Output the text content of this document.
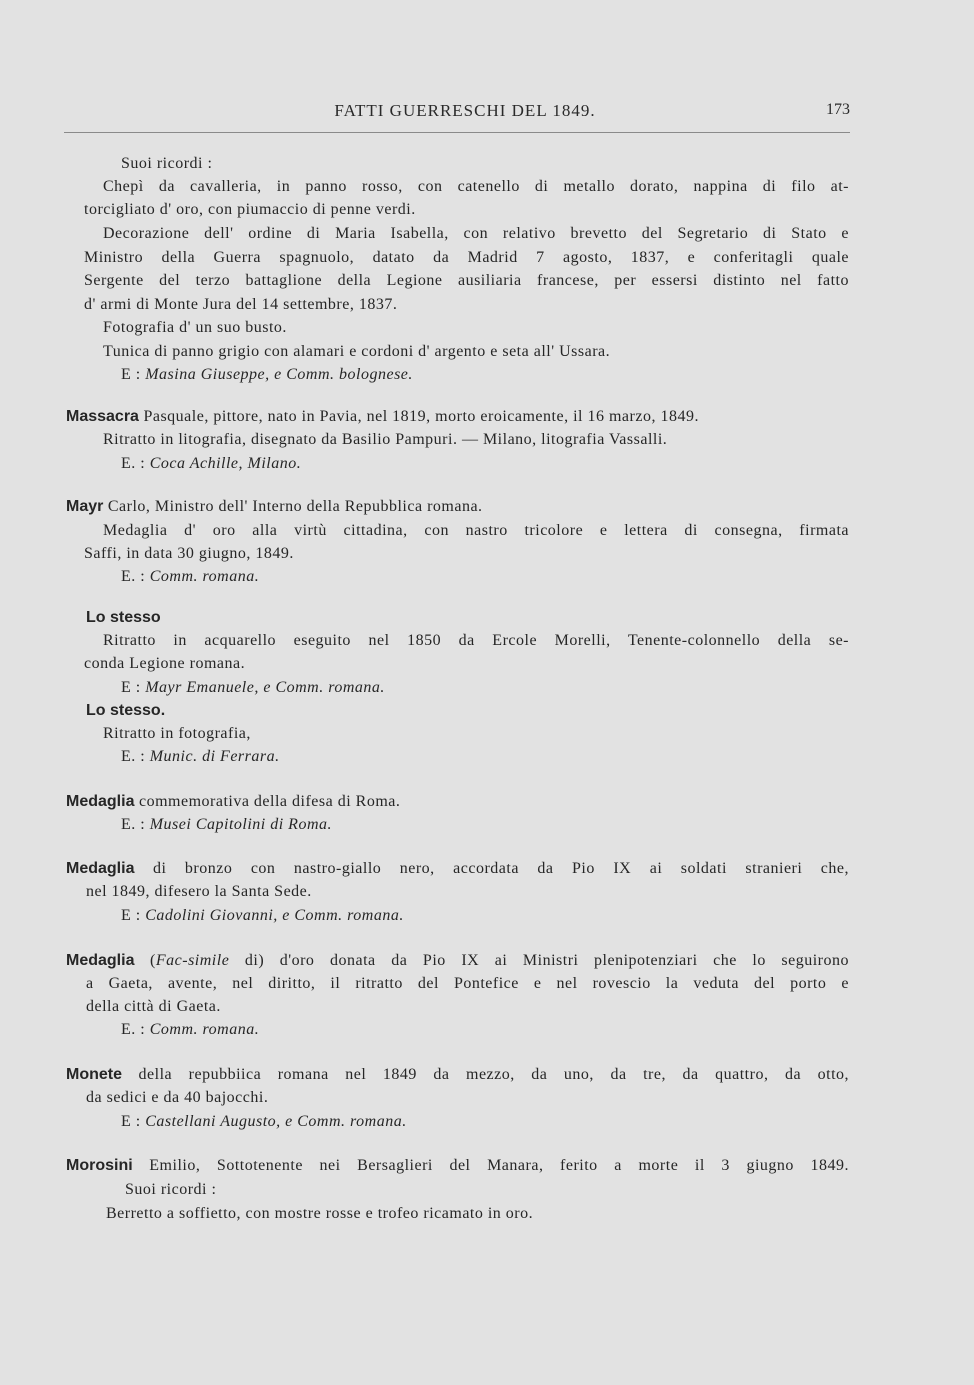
FATTI GUERRESCHI DEL 1849.	173
Suoi ricordi :
Chepì da cavalleria, in panno rosso, con catenello di metallo dorato, nappina di filo at-
torcigliato d' oro, con piumaccio di penne verdi.
Decorazione dell' ordine di Maria Isabella, con relativo brevetto del Segretario di Stato e
Ministro della Guerra spagnuolo, datato da Madrid 7 agosto, 1837, e conferitagli quale
Sergente del terzo battaglione della Legione ausiliaria francese, per essersi distinto nel fatto
d' armi di Monte Jura del 14 settembre, 1837.
Fotografia d' un suo busto.
Tunica di panno grigio con alamari e cordoni d' argento e seta all' Ussara.
E : Masina Giuseppe, e Comm. bolognese.
Massacra Pasquale, pittore, nato in Pavia, nel 1819, morto eroicamente, il 16 marzo, 1849.
Ritratto in litografia, disegnato da Basilio Pampuri. — Milano, litografia Vassalli.
E. : Coca Achille, Milano.
Mayr Carlo, Ministro dell' Interno della Repubblica romana.
Medaglia d' oro alla virtù cittadina, con nastro tricolore e lettera di consegna, firmata
Saffi, in data 30 giugno, 1849.
E. : Comm. romana.
Lo stesso
Ritratto in acquarello eseguito nel 1850 da Ercole Morelli, Tenente-colonnello della se-
conda Legione romana.
E : Mayr Emanuele, e Comm. romana.
Lo stesso.
Ritratto in fotografia,
E. : Munic. di Ferrara.
Medaglia commemorativa della difesa di Roma.
E. : Musei Capitolini di Roma.
Medaglia di bronzo con nastro-giallo nero, accordata da Pio IX ai soldati stranieri che,
nel 1849, difesero la Santa Sede.
E : Cadolini Giovanni, e Comm. romana.
Medaglia (Fac-simile di) d'oro donata da Pio IX ai Ministri plenipotenziari che lo seguirono
a Gaeta, avente, nel diritto, il ritratto del Pontefice e nel rovescio la veduta del porto e
della città di Gaeta.
E. : Comm. romana.
Monete della repubbiica romana nel 1849 da mezzo, da uno, da tre, da quattro, da otto,
da sedici e da 40 bajocchi.
E : Castellani Augusto, e Comm. romana.
Morosini Emilio, Sottotenente nei Bersaglieri del Manara, ferito a morte il 3 giugno 1849.
Suoi ricordi :
Berretto a soffietto, con mostre rosse e trofeo ricamato in oro.
